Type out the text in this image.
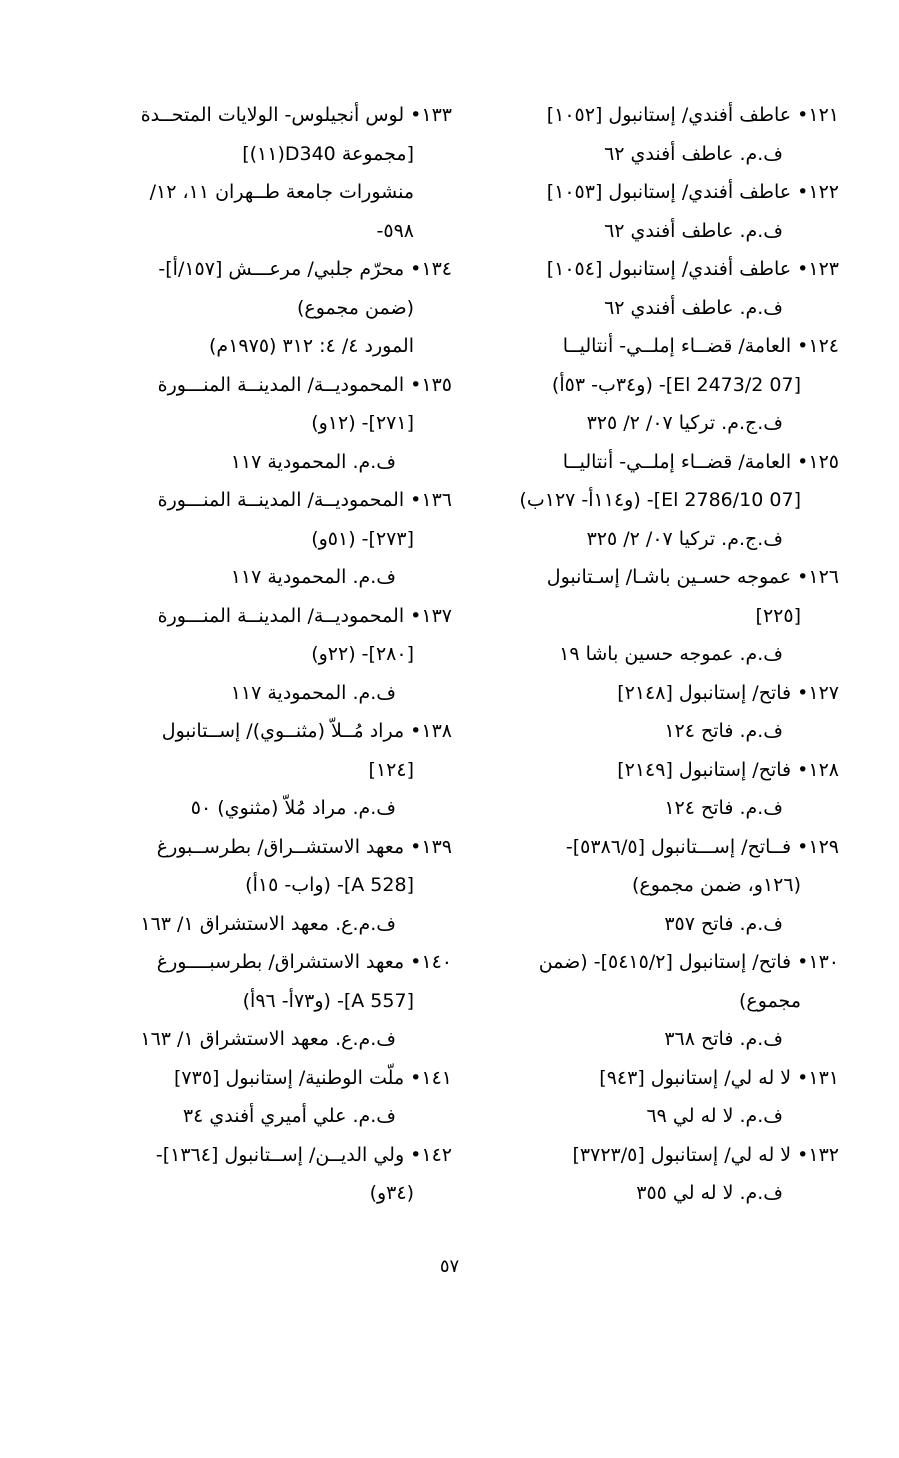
١٢١• عاطف أفندي/ إستانبول [١٠٥٢]
ف.م. عاطف أفندي ٦٢
١٢٢• عاطف أفندي/ إستانبول [١٠٥٣]
ف.م. عاطف أفندي ٦٢
١٢٣• عاطف أفندي/ إستانبول [١٠٥٤]
ف.م. عاطف أفندي ٦٢
١٢٤• العامة/ قضــاء إملــي- أنتاليــا
[07 El 2473/2]- (و٣٤ب- ٥٣أ)
ف.ج.م. تركيا ٠٧/ ٢/ ٣٢٥
١٢٥• العامة/ قضــاء إملــي- أنتاليــا
[07 El 2786/10]- (و١١٤أ- ١٢٧ب)
ف.ج.م. تركيا ٠٧/ ٢/ ٣٢٥
١٢٦• عموجه حسـين باشـا/ إسـتانبول
[٢٢٥]
ف.م. عموجه حسين باشا ١٩
١٢٧• فاتح/ إستانبول [٢١٤٨]
ف.م. فاتح ١٢٤
١٢٨• فاتح/ إستانبول [٢١٤٩]
ف.م. فاتح ١٢٤
١٢٩• فــاتح/ إســـتانبول [٥٣٨٦/٥]-
(١٢٦و، ضمن مجموع)
ف.م. فاتح ٣٥٧
١٣٠• فاتح/ إستانبول [٥٤١٥/٢]- (ضمن
مجموع)
ف.م. فاتح ٣٦٨
١٣١• لا له لي/ إستانبول [٩٤٣]
ف.م. لا له لي ٦٩
١٣٢• لا له لي/ إستانبول [٣٧٢٣/٥]
ف.م. لا له لي ٣٥٥
١٣٣• لوس أنجيلوس- الولايات المتحــدة
[مجموعة D340(١١)]
منشورات جامعة طــهران ١١، ١٢/
٥٩٨-
١٣٤• محرّم جلبي/ مرعـــش [١٥٧/أ]-
(ضمن مجموع)
المورد ٤/ ٤: ٣١٢ (١٩٧٥م)
١٣٥• المحموديــة/ المدينــة المنـــورة
[٢٧١]- (١٢و)
ف.م. المحمودية ١١٧
١٣٦• المحموديــة/ المدينــة المنـــورة
[٢٧٣]- (٥١و)
ف.م. المحمودية ١١٧
١٣٧• المحموديــة/ المدينــة المنـــورة
[٢٨٠]- (٢٢و)
ف.م. المحمودية ١١٧
١٣٨• مراد مُــلاّ (مثنــوي)/ إســتانبول
[١٢٤]
ف.م. مراد مُلاّ (مثنوي) ٥٠
١٣٩• معهد الاستشــراق/ بطرســبورغ
[A 528]- (واب- ١٥أ)
ف.م.ع. معهد الاستشراق ١/ ١٦٣
١٤٠• معهد الاستشراق/ بطرسبــــورغ
[A 557]- (و٧٣أ- ٩٦أ)
ف.م.ع. معهد الاستشراق ١/ ١٦٣
١٤١• ملّت الوطنية/ إستانبول [٧٣٥]
ف.م. علي أميري أفندي ٣٤
١٤٢• ولي الديــن/ إســتانبول [١٣٦٤]-
(٣٤و)
٥٧
